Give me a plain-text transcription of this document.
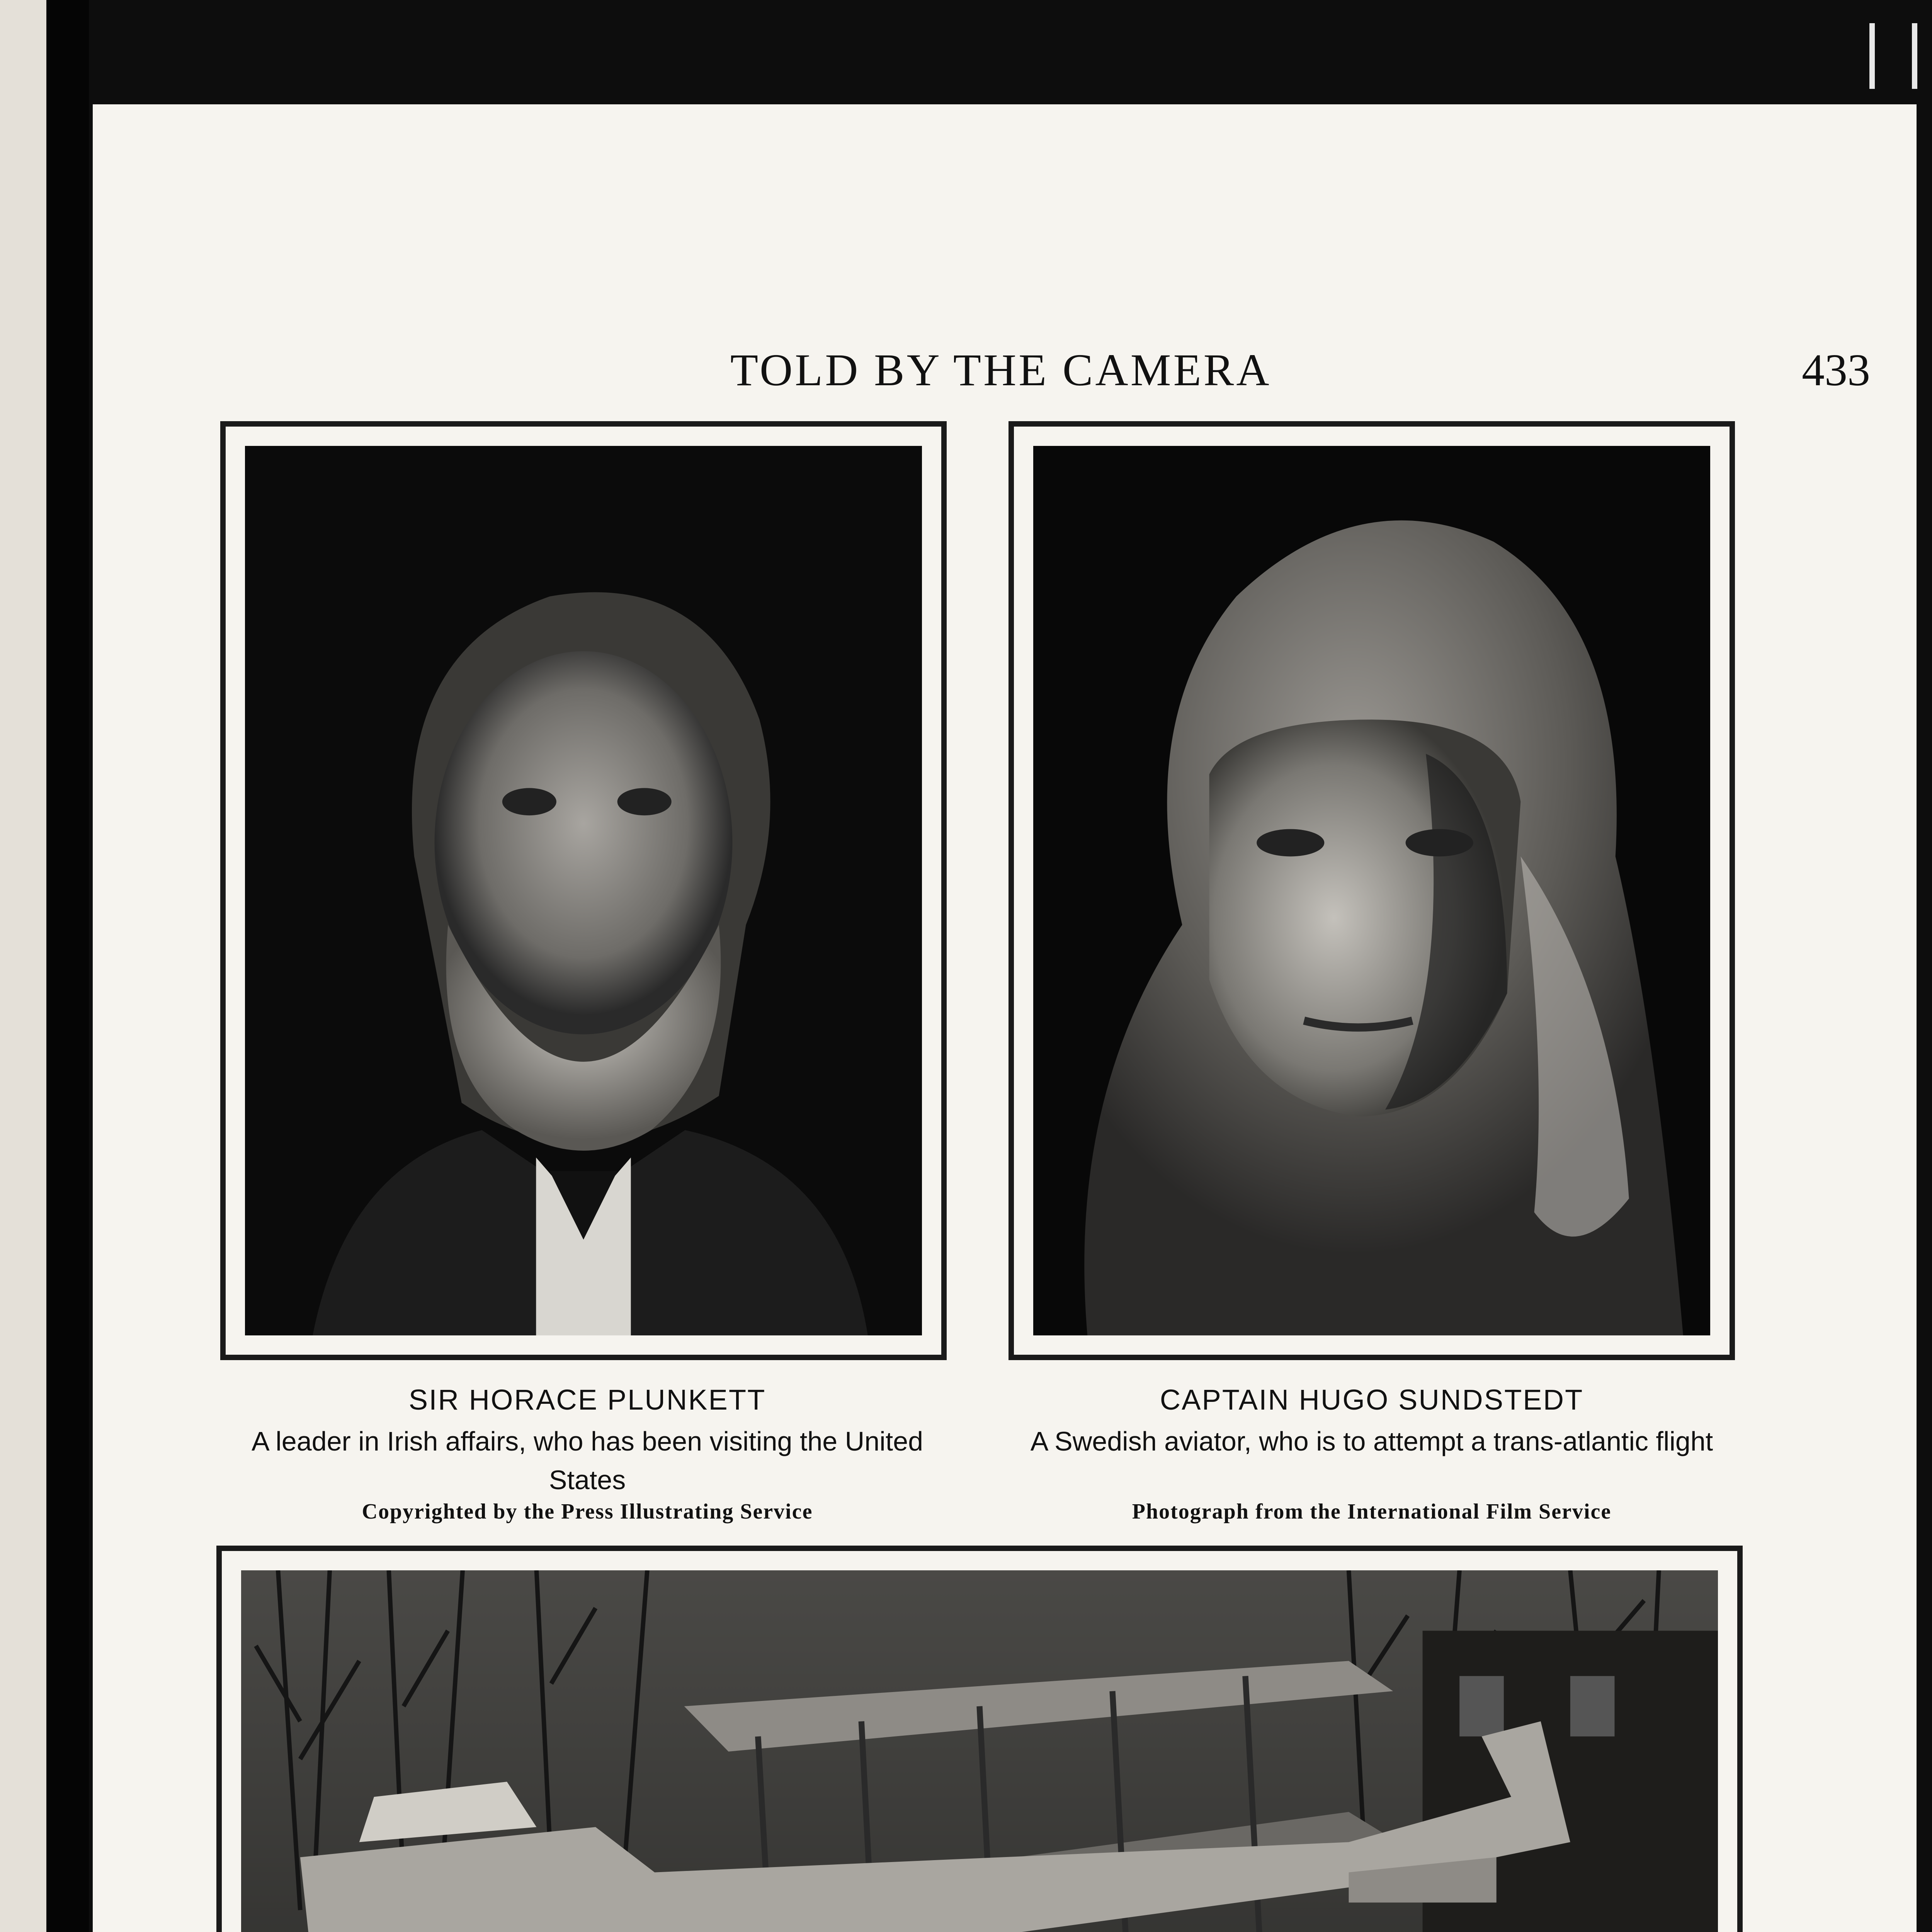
TOLD BY THE CAMERA	433
SIR HORACE PLUNKETT
A leader in Irish affairs, who has been visiting the United States
Copyrighted by the Press Illustrating Service
CAPTAIN HUGO SUNDSTEDT
A Swedish aviator, who is to attempt a trans-atlantic flight
Photograph from the International Film Service
